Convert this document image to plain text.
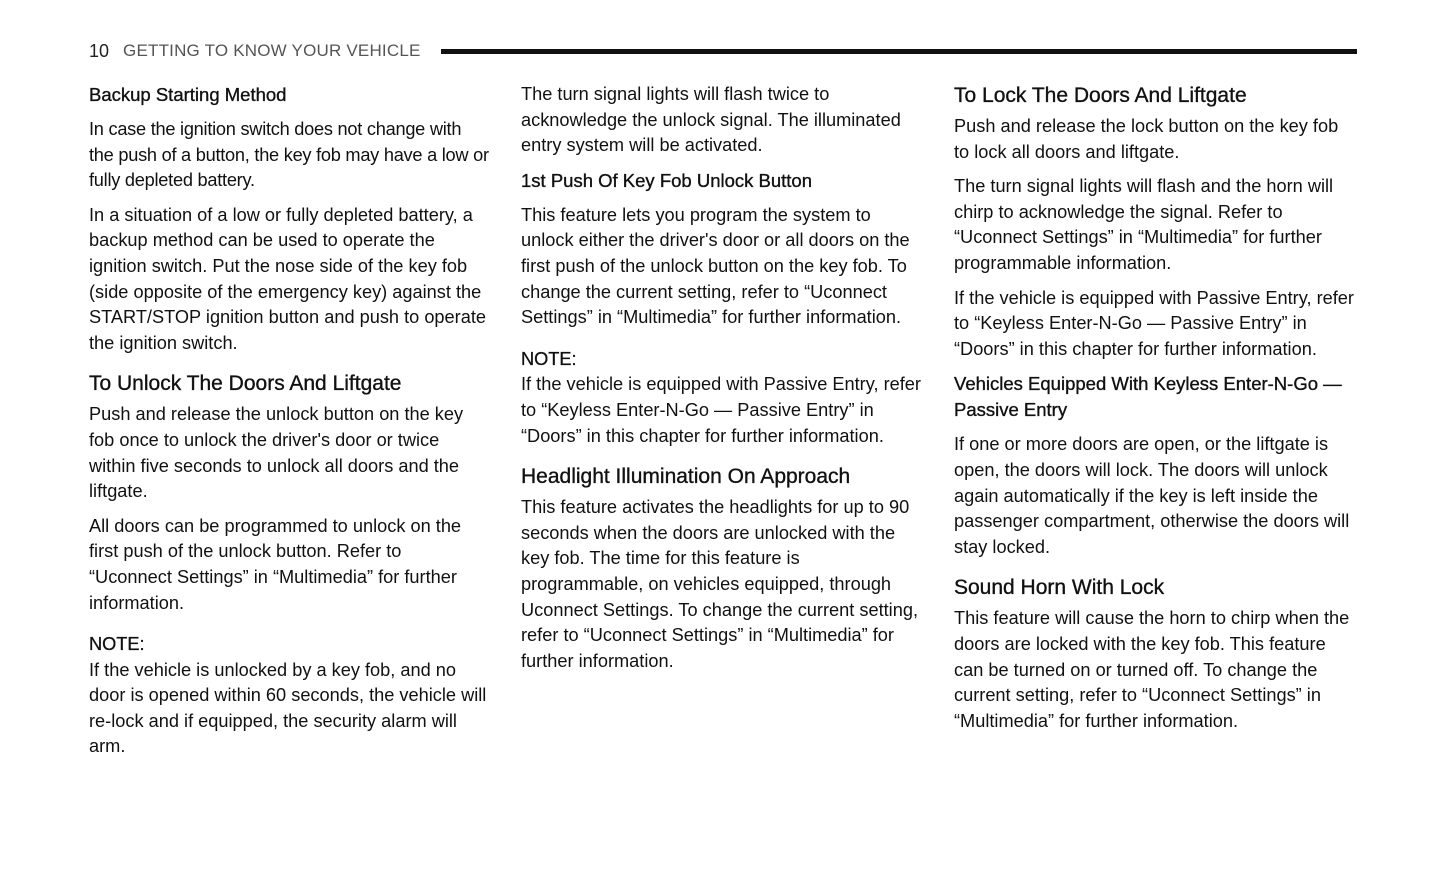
10 GETTING TO KNOW YOUR VEHICLE
Backup Starting Method

In case the ignition switch does not change with the push of a button, the key fob may have a low or fully depleted battery.

In a situation of a low or fully depleted battery, a backup method can be used to operate the ignition switch. Put the nose side of the key fob (side opposite of the emergency key) against the START/STOP ignition button and push to operate the ignition switch.

To Unlock The Doors And Liftgate

Push and release the unlock button on the key fob once to unlock the driver's door or twice within five seconds to unlock all doors and the liftgate.

All doors can be programmed to unlock on the first push of the unlock button. Refer to “Uconnect Settings” in “Multimedia” for further information.

NOTE:

If the vehicle is unlocked by a key fob, and no door is opened within 60 seconds, the vehicle will re-lock and if equipped, the security alarm will arm.

The turn signal lights will flash twice to acknowledge the unlock signal. The illuminated entry system will be activated.

1st Push Of Key Fob Unlock Button

This feature lets you program the system to unlock either the driver's door or all doors on the first push of the unlock button on the key fob. To change the current setting, refer to “Uconnect Settings” in “Multimedia” for further information.

NOTE:

If the vehicle is equipped with Passive Entry, refer to “Keyless Enter-N-Go — Passive Entry” in “Doors” in this chapter for further information.

Headlight Illumination On Approach

This feature activates the headlights for up to 90 seconds when the doors are unlocked with the key fob. The time for this feature is programmable, on vehicles equipped, through Uconnect Settings. To change the current setting, refer to “Uconnect Settings” in “Multimedia” for further information.

To Lock The Doors And Liftgate

Push and release the lock button on the key fob to lock all doors and liftgate.

The turn signal lights will flash and the horn will chirp to acknowledge the signal. Refer to “Uconnect Settings” in “Multimedia” for further programmable information.

If the vehicle is equipped with Passive Entry, refer to “Keyless Enter-N-Go — Passive Entry” in “Doors” in this chapter for further information.

Vehicles Equipped With Keyless Enter-N-Go — Passive Entry

If one or more doors are open, or the liftgate is open, the doors will lock. The doors will unlock again automatically if the key is left inside the passenger compartment, otherwise the doors will stay locked.

Sound Horn With Lock

This feature will cause the horn to chirp when the doors are locked with the key fob. This feature can be turned on or turned off. To change the current setting, refer to “Uconnect Settings” in “Multimedia” for further information.
